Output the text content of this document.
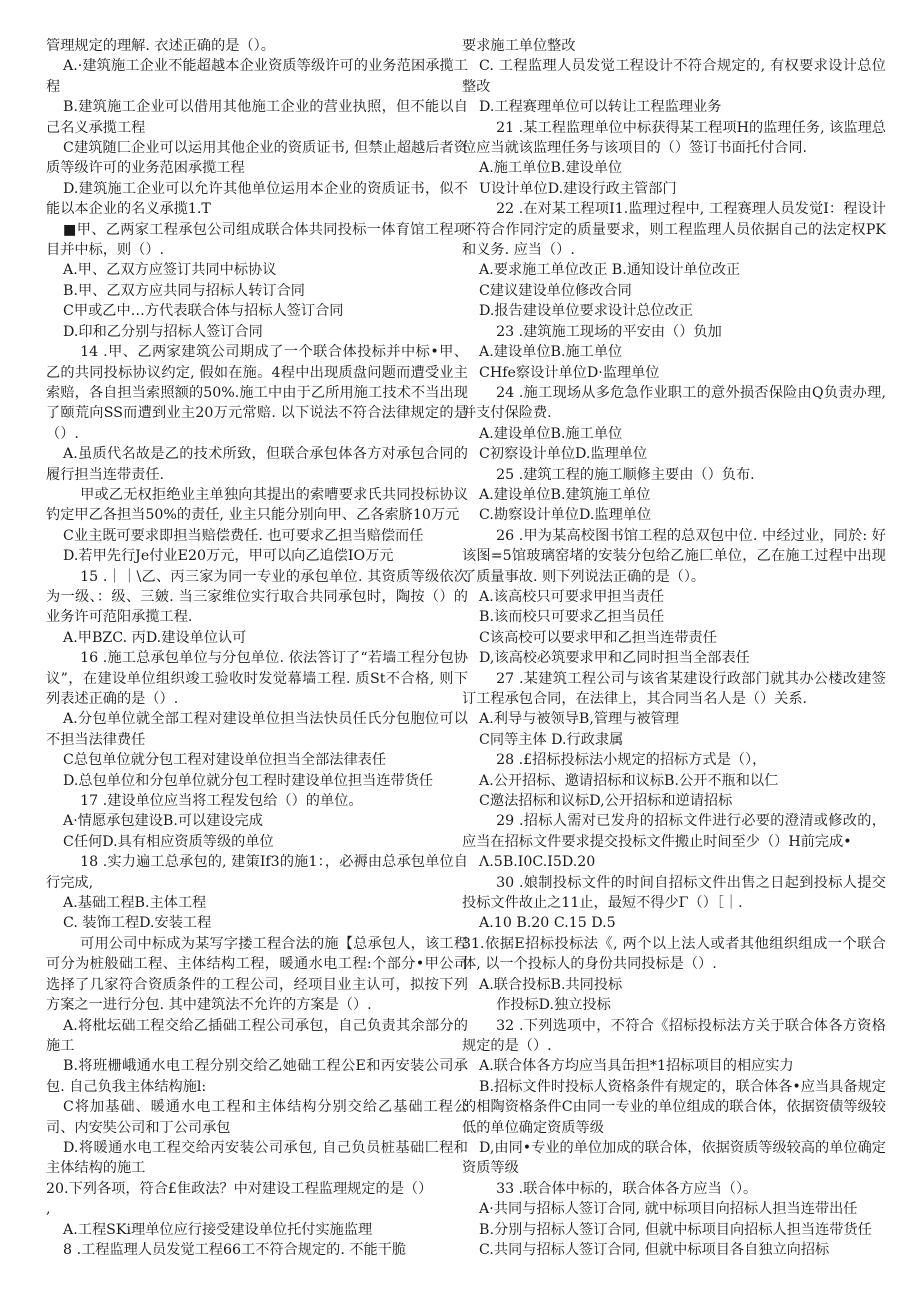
管理规定的理解. 衣述正确的是（）。

A.·建筑施工企业不能超越本企业资质等级许可的业务范困承揽工程

B.建筑施工企业可以借用其他施工企业的营业执照，但不能以自己名义承揽工程

C建筑随匚企业可以运用其他企业的资质证书, 但禁止超越后者资质等级许可的业务范困承揽工程

D.建筑施工企业可以允许其他单位运用本企业的资质证书，似不能以本企业的名义承揽1.T

■甲、乙两家工程承包公司组成联合体共同投标一体育馆工程项目并中标，则（）.

A.甲、乙双方应签订共同中标协议

B.甲、乙双方应共同与招标人转订合同

C甲或乙中…方代表联合体与招标人签订合同

D.印和乙分别与招标人签订合同

14 .甲、乙两家建筑公司期成了一个联合体投标并中标•甲、乙的共同投标协议约定, 假如在施。4程中出现质盘问题而遭受业主索赔，各自担当索照额的50%.施工中由于乙所用施工技术不当出现了颐荒向SS而遭到业主20万元常赔. 以下说法不符合法律规定的是（）.

A.虽质代名故是乙的技术所致，但联合承包体各方对承包合同的履行担当连带责任.

甲或乙无权拒绝业主单独向其提出的索嘈要求氏共同投标协议钓定甲乙各担当50%的责任, 业主只能分别向甲、乙各索脐10万元

C业主既可要求即担当赔偿费任. 也可要求乙担当赔偿而任

D.若甲先行Je付业E20万元，甲可以向乙追偿IO万元

15 .｜｜\乙、丙三家为同一专业的承包单位. 其资质等级依次为一级、：级、三皴. 当三家维位实行取合共同承包时，陶按（）的业务许可范阳承揽工程.

A.甲BZC. 丙D.建设单位认可

16 .施工总承包单位与分包单位. 依法答订了“若墙工程分包协议”，在建设单位组织竣工验收时发觉幕墙工程. 质St不合格, 则下列表述正确的是（）.

A.分包单位就全部工程对建设单位担当法快员任氏分包胞位可以不担当法律费任

C总包单位就分包工程对建设单位担当全部法律表任

D.总包单位和分包单位就分包工程时建设单位担当连带货任

17 .建设单位应当将工程发包给（）的单位。

A·情愿承包建设B.可以建设完成

C任何D.具有相应资质等级的单位

18 .实力遍工总承包的, 建策If3的施1：，必褥由总承包单位自行完成,

A.基础工程B.主体工程

C. 装饰工程D.安装工程

可用公司中标成为某写字搂工程合法的施【总承包人，该工程可分为桩般础工程、主体结构工程，暖通水电工程:个部分•甲公司选择了几家符合资质条件的工程公司，经项目业主认可，拟按下列方案之一进行分包. 其中建筑法不允许的方案是（）.

A.将枇坛础工程交给乙插础工程公司承包，自己负责其余部分的施工

B.将班栅峨通水电工程分别交给乙她础工程公E和丙安装公司承包. 自己负我主体结构施l:

C将加基础、暖通水电工程和主体结构分别交给乙基础工程公司、内安奘公司和丁公司承包

D.将暖通水电工程交给丙安装公司承包, 自己负员桩基础匚程和主体结构的施工

20.下列各项，符合£隹政法？中对建设工程监理规定的是（）

,

A.工程SKi理单位应行接受建设单位托付实施监理

8 .工程监理人员发觉工程66工不符合规定的. 不能干脆

要求施工单位整改

C. 工程监理人员发觉工程设计不符合规定的, 有权要求设计总位整改

D.工程赛理单位可以转让工程监理业务

21 .某工程监理单位中标获得某工程项H的监理任务, 该监理总位应当就该监理任务与该项目的（）签订书面托付合同.

A.施工单位B.建设单位

U设计单位D.建设行政主管部门

22 .在对某工程项I1.监理过程中, 工程赛理人员发觉I：程设计不符合作同泞定的质量要求，则工程监理人员依据自己的法定权PK和义务. 应当（）.

A.要求施工单位改正 B.通知设计单位改正

C建议建设单位修改合同

D.报告建设单位要求设计总位改正

23 .建筑施工现场的平安由（）负加

A.建设单位B.施工单位

CHfe察设计单位D·监理单位

24 .施工现场从多危急作业职工的意外损否保险由Q负责办理, 并支付保险费.

A.建设单位B.施工单位

C初察设计单位D.监理单位

25 .建筑工程的施工顺修主要由（）负布.

A.建设单位B.建筑施工单位

C.勘察设计单位D.监理单位

26 .甲为某高校图书馆工程的总双包中位. 中经过业，同於: 好该图=5馆玻璃窑堵的安装分包给乙施匚单位，乙在施工过程中出现了质量事故. 则下列说法正确的是（）。

A.该高校只可要求甲担当责任

B.该而校只可要求乙担当员任

C该高校可以要求甲和乙担当连带责任

D,该高校必筑要求甲和乙同时担当全部表任

27 .某建筑工程公司与该省某建设行政部门就其办公楼改建签订工程承包合同，在法律上，其合同当名人是（）关系.

A.利导与被领导B,管理与被管理

C同等主体 D.行政隶属

28 .£招标投标法小规定的招标方式是（），

A.公开招标、邀请招标和议标B.公开不瓶和以仁

C邀法招标和议标D,公开招标和逆请招标

29 .招标人需对已发舟的招标文件进行必要的澄清或修改的，应当在招标文件要求提交投标文件搬止时间至少（）H前完成•

Λ.5B.I0C.I5D.20

30 .娘制投标文件的时间自招标文件出售之日起到投标人提交投标文件故止之11止，最短不得少Γ（）［｜.

A.10 B.20 C.15 D.5

31.依据E招标投标法《, 两个以上法人或者其他组织组成一个联合体, 以一个投标人的身份共同投标是（）.

A.联合投标B.共同投标

作投标D.独立投标

32 .下列选项中，不符合《招标投标法方关于联合体各方资格规定的是（）.

A.联合体各方均应当具缶担*1招标项目的相应实力

B.招标文件时投标人资格条件有规定的，联合体各•应当具备规定的相陶资格条件C由同一专业的单位组成的联合体，依据资债等级较低的单位确定资质等级

D,由同•专业的单位加成的联合体，依据资质等级较高的单位确定资质等级

33 .联合体中标的，联合体各方应当（）。

A·共同与招标人签订合同, 就中标项目向招标人担当连带出任

B.分別与招标人签订合同, 但就中标项目向招标人担当连带货任

C.共同与招标人签订合同, 但就中标项目各自独立向招标
